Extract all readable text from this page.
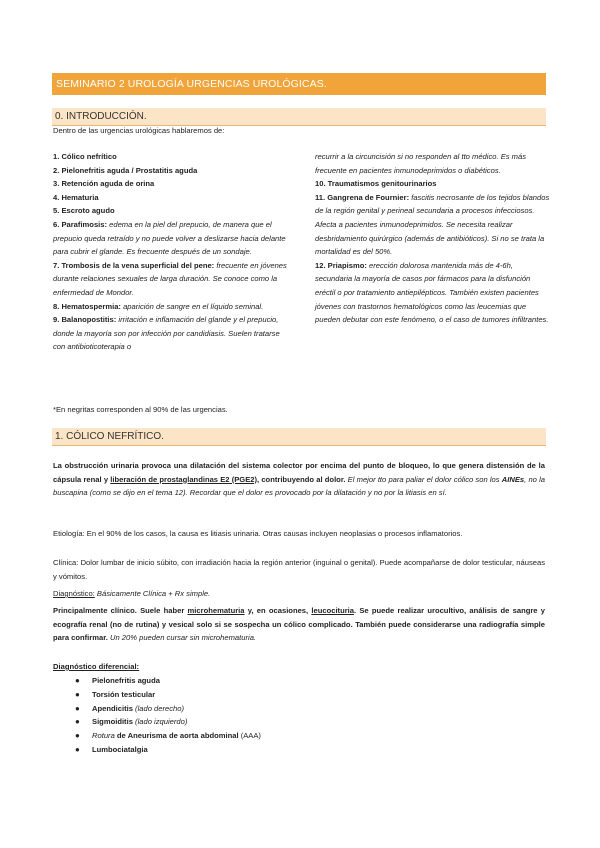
SEMINARIO 2 UROLOGÍA URGENCIAS UROLÓGICAS.
0. INTRODUCCIÓN.
Dentro de las urgencias urológicas hablaremos de:

1. Cólico nefrítico

2. Pielonefritis aguda / Prostatitis aguda

3. Retención aguda de orina

4. Hematuria

5. Escroto agudo

6. Parafimosis: edema en la piel del prepucio, de manera que el prepucio queda retraído y no puede volver a deslizarse hacia delante para cubrir el glande. Es frecuente después de un sondaje.

7. Trombosis de la vena superficial del pene: frecuente en jóvenes durante relaciones sexuales de larga duración. Se conoce como la enfermedad de Mondor.

8. Hematospermia: aparición de sangre en el líquido seminal.

9. Balanopostitis: irritación e inflamación del glande y el prepucio, donde la mayoría son por infección por candidiasis. Suelen tratarse con antibioticoterapia o

recurrir a la circuncisión si no responden al tto médico. Es más frecuente en pacientes inmunodeprimidos o diabéticos.

10. Traumatismos genitourinarios

11. Gangrena de Fournier: fascitis necrosante de los tejidos blandos de la región genital y perineal secundaria a procesos infecciosos. Afecta a pacientes inmunodeprimidos. Se necesita realizar desbridamiento quirúrgico (además de antibióticos). Si no se trata la mortalidad es del 50%.

12. Priapismo: erección dolorosa mantenida más de 4-6h, secundaria la mayoría de casos por fármacos para la disfunción eréctil o por tratamiento antiepilépticos. También existen pacientes jóvenes con trastornos hematológicos como las leucemias que pueden debutar con este fenómeno, o el caso de tumores infiltrantes.

*En negritas corresponden al 90% de las urgencias.
1. CÓLICO NEFRÍTICO.
La obstrucción urinaria provoca una dilatación del sistema colector por encima del punto de bloqueo, lo que genera distensión de la cápsula renal y liberación de prostaglandinas E2 (PGE2), contribuyendo al dolor. El mejor tto para paliar el dolor cólico son los AINEs, no la buscapina (como se dijo en el tema 12). Recordar que el dolor es provocado por la dilatación y no por la litiasis en sí.
Etiología: En el 90% de los casos, la causa es litiasis urinaria. Otras causas incluyen neoplasias o procesos inflamatorios.
Clínica: Dolor lumbar de inicio súbito, con irradiación hacia la región anterior (inguinal o genital). Puede acompañarse de dolor testicular, náuseas y vómitos.
Diagnóstico: Básicamente Clínica + Rx simple.
Principalmente clínico. Suele haber microhematuria y, en ocasiones, leucocituria. Se puede realizar urocultivo, análisis de sangre y ecografía renal (no de rutina) y vesical solo si se sospecha un cólico complicado. También puede considerarse una radiografía simple para confirmar. Un 20% pueden cursar sin microhematuria.
Diagnóstico diferencial:
● Pielonefritis aguda
● Torsión testicular
● Apendicitis (lado derecho)
● Sigmoiditis (lado izquierdo)
● Rotura de Aneurisma de aorta abdominal (AAA)
● Lumbociatalgia
